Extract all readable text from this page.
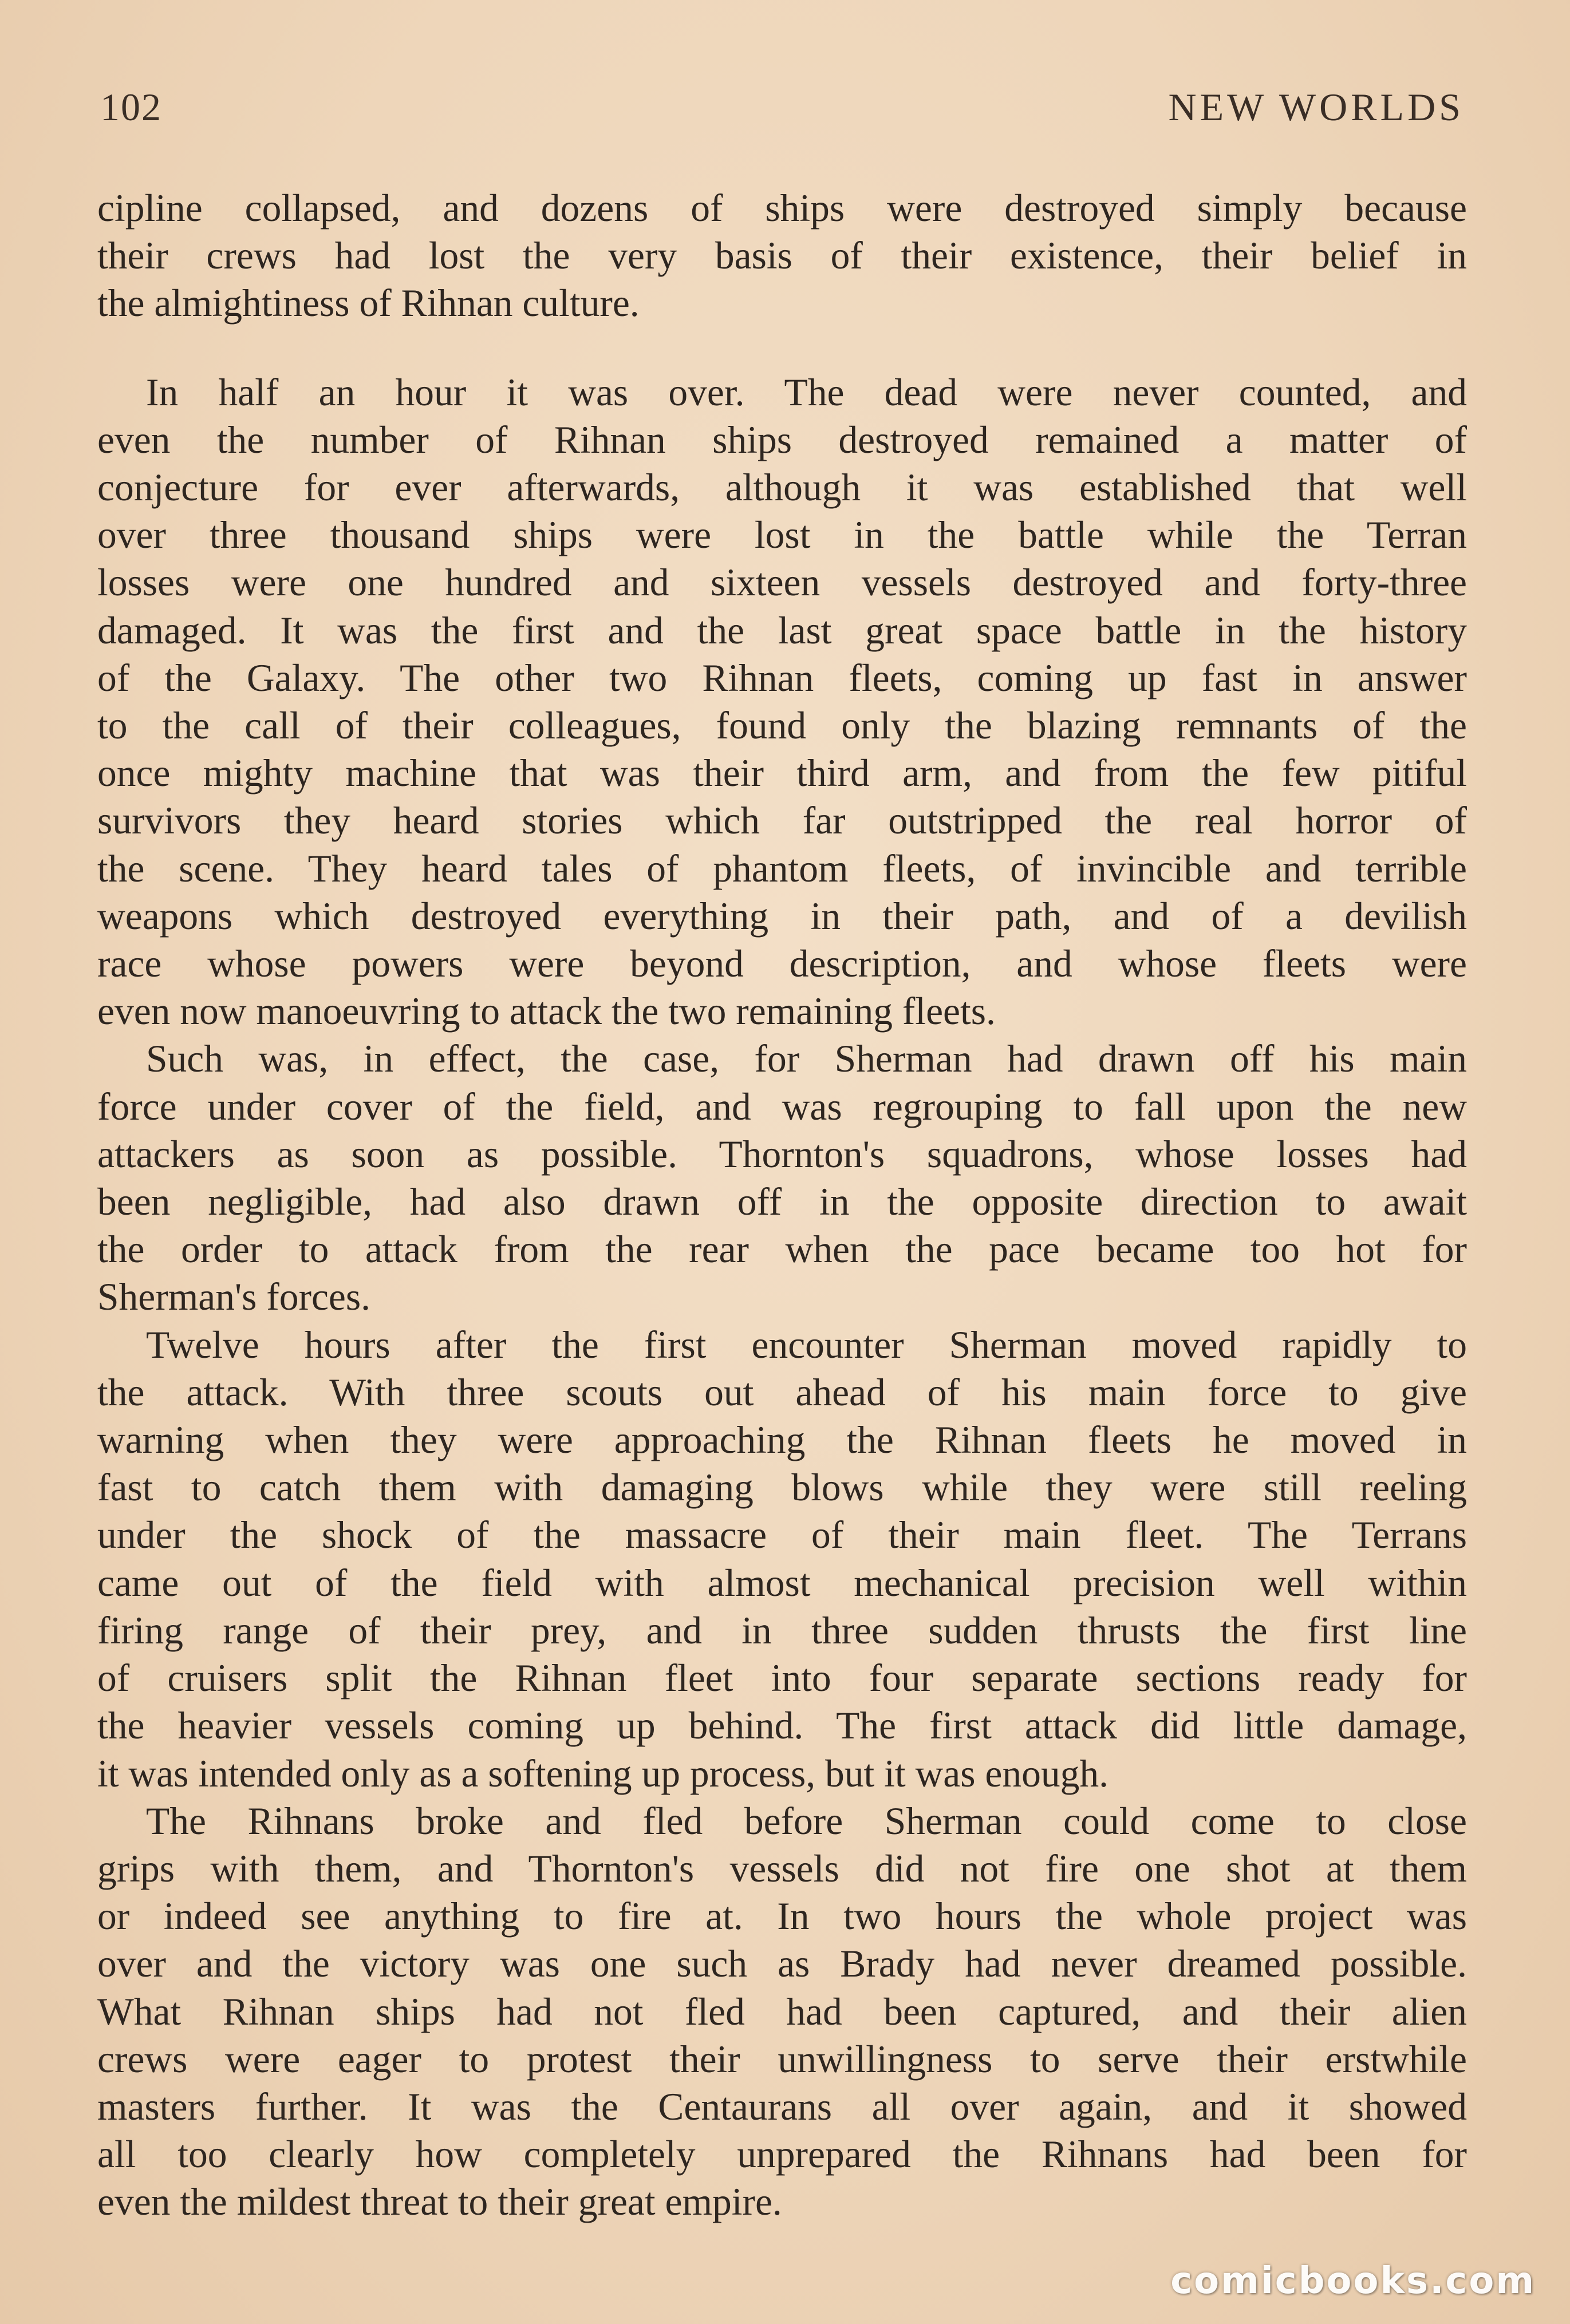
102	NEW WORLDS
cipline collapsed, and dozens of ships were destroyed simply because
their crews had lost the very basis of their existence, their belief in
the almightiness of Rihnan culture.
In half an hour it was over. The dead were never counted, and
even the number of Rihnan ships destroyed remained a matter of
conjecture for ever afterwards, although it was established that well
over three thousand ships were lost in the battle while the Terran
losses were one hundred and sixteen vessels destroyed and forty-three
damaged. It was the first and the last great space battle in the history
of the Galaxy. The other two Rihnan fleets, coming up fast in answer
to the call of their colleagues, found only the blazing remnants of the
once mighty machine that was their third arm, and from the few pitiful
survivors they heard stories which far outstripped the real horror of
the scene. They heard tales of phantom fleets, of invincible and terrible
weapons which destroyed everything in their path, and of a devilish
race whose powers were beyond description, and whose fleets were
even now manoeuvring to attack the two remaining fleets.
Such was, in effect, the case, for Sherman had drawn off his main
force under cover of the field, and was regrouping to fall upon the new
attackers as soon as possible. Thornton's squadrons, whose losses had
been negligible, had also drawn off in the opposite direction to await
the order to attack from the rear when the pace became too hot for
Sherman's forces.
Twelve hours after the first encounter Sherman moved rapidly to
the attack. With three scouts out ahead of his main force to give
warning when they were approaching the Rihnan fleets he moved in
fast to catch them with damaging blows while they were still reeling
under the shock of the massacre of their main fleet. The Terrans
came out of the field with almost mechanical precision well within
firing range of their prey, and in three sudden thrusts the first line
of cruisers split the Rihnan fleet into four separate sections ready for
the heavier vessels coming up behind. The first attack did little damage,
it was intended only as a softening up process, but it was enough.
The Rihnans broke and fled before Sherman could come to close
grips with them, and Thornton's vessels did not fire one shot at them
or indeed see anything to fire at. In two hours the whole project was
over and the victory was one such as Brady had never dreamed possible.
What Rihnan ships had not fled had been captured, and their alien
crews were eager to protest their unwillingness to serve their erstwhile
masters further. It was the Centaurans all over again, and it showed
all too clearly how completely unprepared the Rihnans had been for
even the mildest threat to their great empire.
comicbooks.com
